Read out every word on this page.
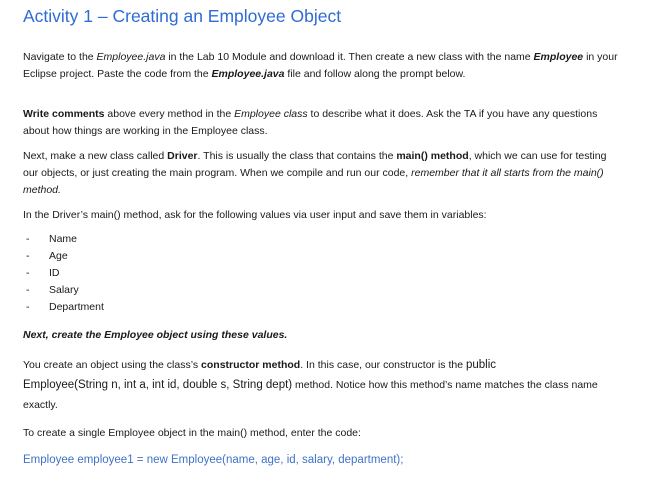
Activity 1 – Creating an Employee Object

Navigate to the Employee.java in the Lab 10 Module and download it. Then create a new class with the name Employee in your Eclipse project. Paste the code from the Employee.java file and follow along the prompt below.

Write comments above every method in the Employee class to describe what it does. Ask the TA if you have any questions about how things are working in the Employee class.

Next, make a new class called Driver. This is usually the class that contains the main() method, which we can use for testing our objects, or just creating the main program. When we compile and run our code, remember that it all starts from the main() method.

In the Driver’s main() method, ask for the following values via user input and save them in variables:

- Name
- Age
- ID
- Salary
- Department

Next, create the Employee object using these values.

You create an object using the class’s constructor method. In this case, our constructor is the public
Employee(String n, int a, int id, double s, String dept) method. Notice how this method’s name matches the class name exactly.

To create a single Employee object in the main() method, enter the code:

Employee employee1 = new Employee(name, age, id, salary, department);
